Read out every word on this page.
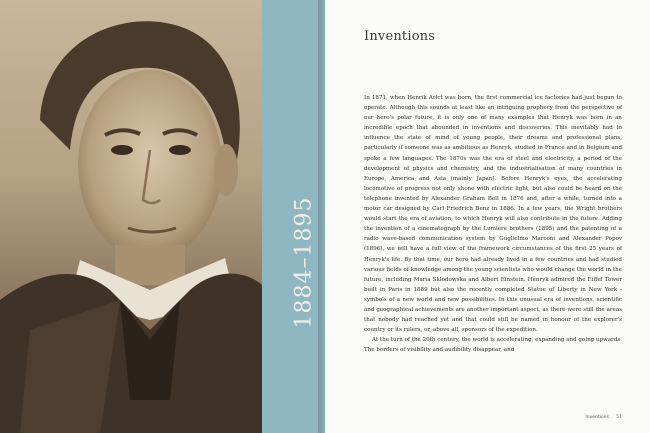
1884–1895
Inventions

In 1871, when Henrik Arłct was born, the first commercial ice factories had just begun to operate. Although this sounds at least like an intriguing prophecy from the perspective of our hero's polar future, it is only one of many examples that Henryk was born in an incredible epoch that abounded in inventions and discoveries. This inevitably had to influence the state of mind of young people, their dreams and professional plans, particularly if someone was as ambitious as Henryk, studied in France and in Belgium and spoke a few languages. The 1870s was the era of steel and electricity, a period of the development of physics and chemistry, and the industrialisation of many countries in Europe, America and Asia (mainly Japan). Before Henryk's eyes, the accelerating locomotive of progress not only shone with electric light, but also could be heard on the telephone invented by Alexander Graham Bell in 1876 and, after a while, turned into a motor car designed by Carl Friedrich Benz in 1886. In a few years, the Wright brothers would start the era of aviation, to which Henryk will also contribute in the future. Adding the invention of a cinematograph by the Lumière brothers (1895) and the patenting of a radio wave-based communication system by Guglielmo Marconi and Alexander Popov (1896), we will have a full view of the framework circumstances of the first 25 years of Henryk's life. By that time, our hero had already lived in a few countries and had studied various fields of knowledge among the young scientists who would change the world in the future, including Maria Skłodowska and Albert Einstein. Henryk admired the Eiffel Tower built in Paris in 1889 but also the recently completed Statue of Liberty in New York - symbols of a new world and new possibilities. In this unusual era of inventions, scientific and geographical achievements are another important aspect, as there were still the areas that nobody had reached yet and that could still be named in honour of the explorer's country or its rulers, or, above all, sponsors of the expedition.

At the turn of the 20th century, the world is accelerating, expanding and going upwards. The borders of visibility and audibility disappear, and

Inventions 51
